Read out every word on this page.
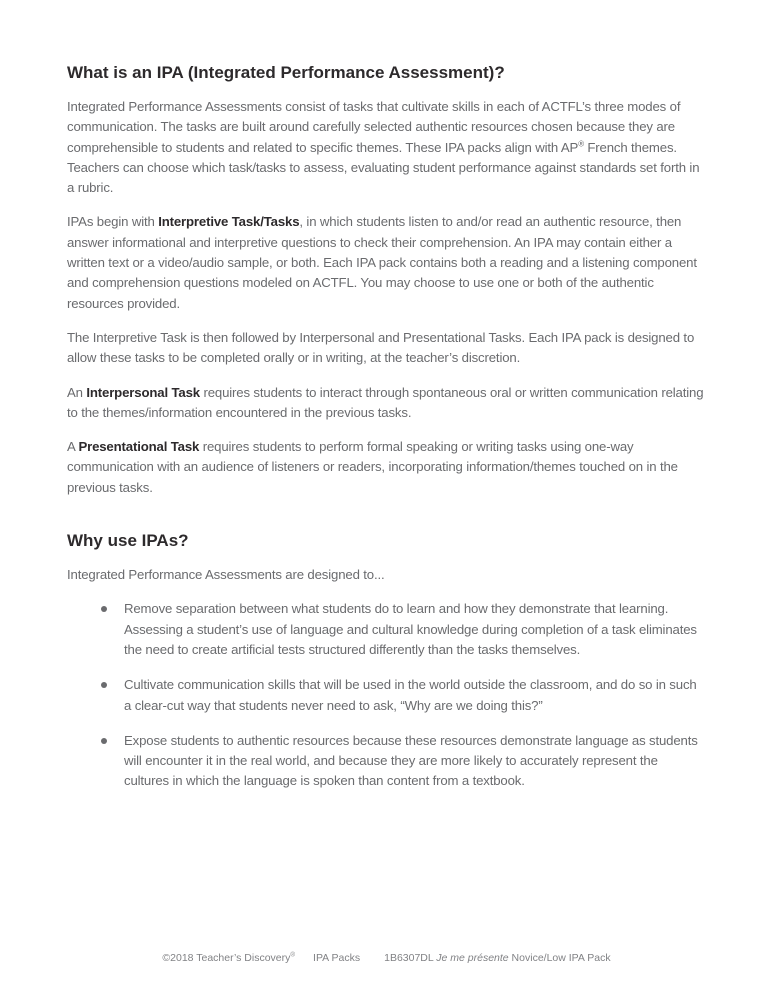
What is an IPA (Integrated Performance Assessment)?

Integrated Performance Assessments consist of tasks that cultivate skills in each of ACTFL’s three modes of communication. The tasks are built around carefully selected authentic resources chosen because they are comprehensible to students and related to specific themes. These IPA packs align with AP® French themes. Teachers can choose which task/tasks to assess, evaluating student performance against standards set forth in a rubric.

IPAs begin with Interpretive Task/Tasks, in which students listen to and/or read an authentic resource, then answer informational and interpretive questions to check their comprehension. An IPA may contain either a written text or a video/audio sample, or both. Each IPA pack contains both a reading and a listening component and comprehension questions modeled on ACTFL. You may choose to use one or both of the authentic resources provided.

The Interpretive Task is then followed by Interpersonal and Presentational Tasks. Each IPA pack is designed to allow these tasks to be completed orally or in writing, at the teacher’s discretion.

An Interpersonal Task requires students to interact through spontaneous oral or written communication relating to the themes/information encountered in the previous tasks.

A Presentational Task requires students to perform formal speaking or writing tasks using one-way communication with an audience of listeners or readers, incorporating information/themes touched on in the previous tasks.

Why use IPAs?

Integrated Performance Assessments are designed to...

Remove separation between what students do to learn and how they demonstrate that learning. Assessing a student’s use of language and cultural knowledge during completion of a task eliminates the need to create artificial tests structured differently than the tasks themselves.
Cultivate communication skills that will be used in the world outside the classroom, and do so in such a clear-cut way that students never need to ask, “Why are we doing this?”
Expose students to authentic resources because these resources demonstrate language as students will encounter it in the real world, and because they are more likely to accurately represent the cultures in which the language is spoken than content from a textbook.
©2018 Teacher’s Discovery® IPA Packs 1B6307DL Je me présente Novice/Low IPA Pack
